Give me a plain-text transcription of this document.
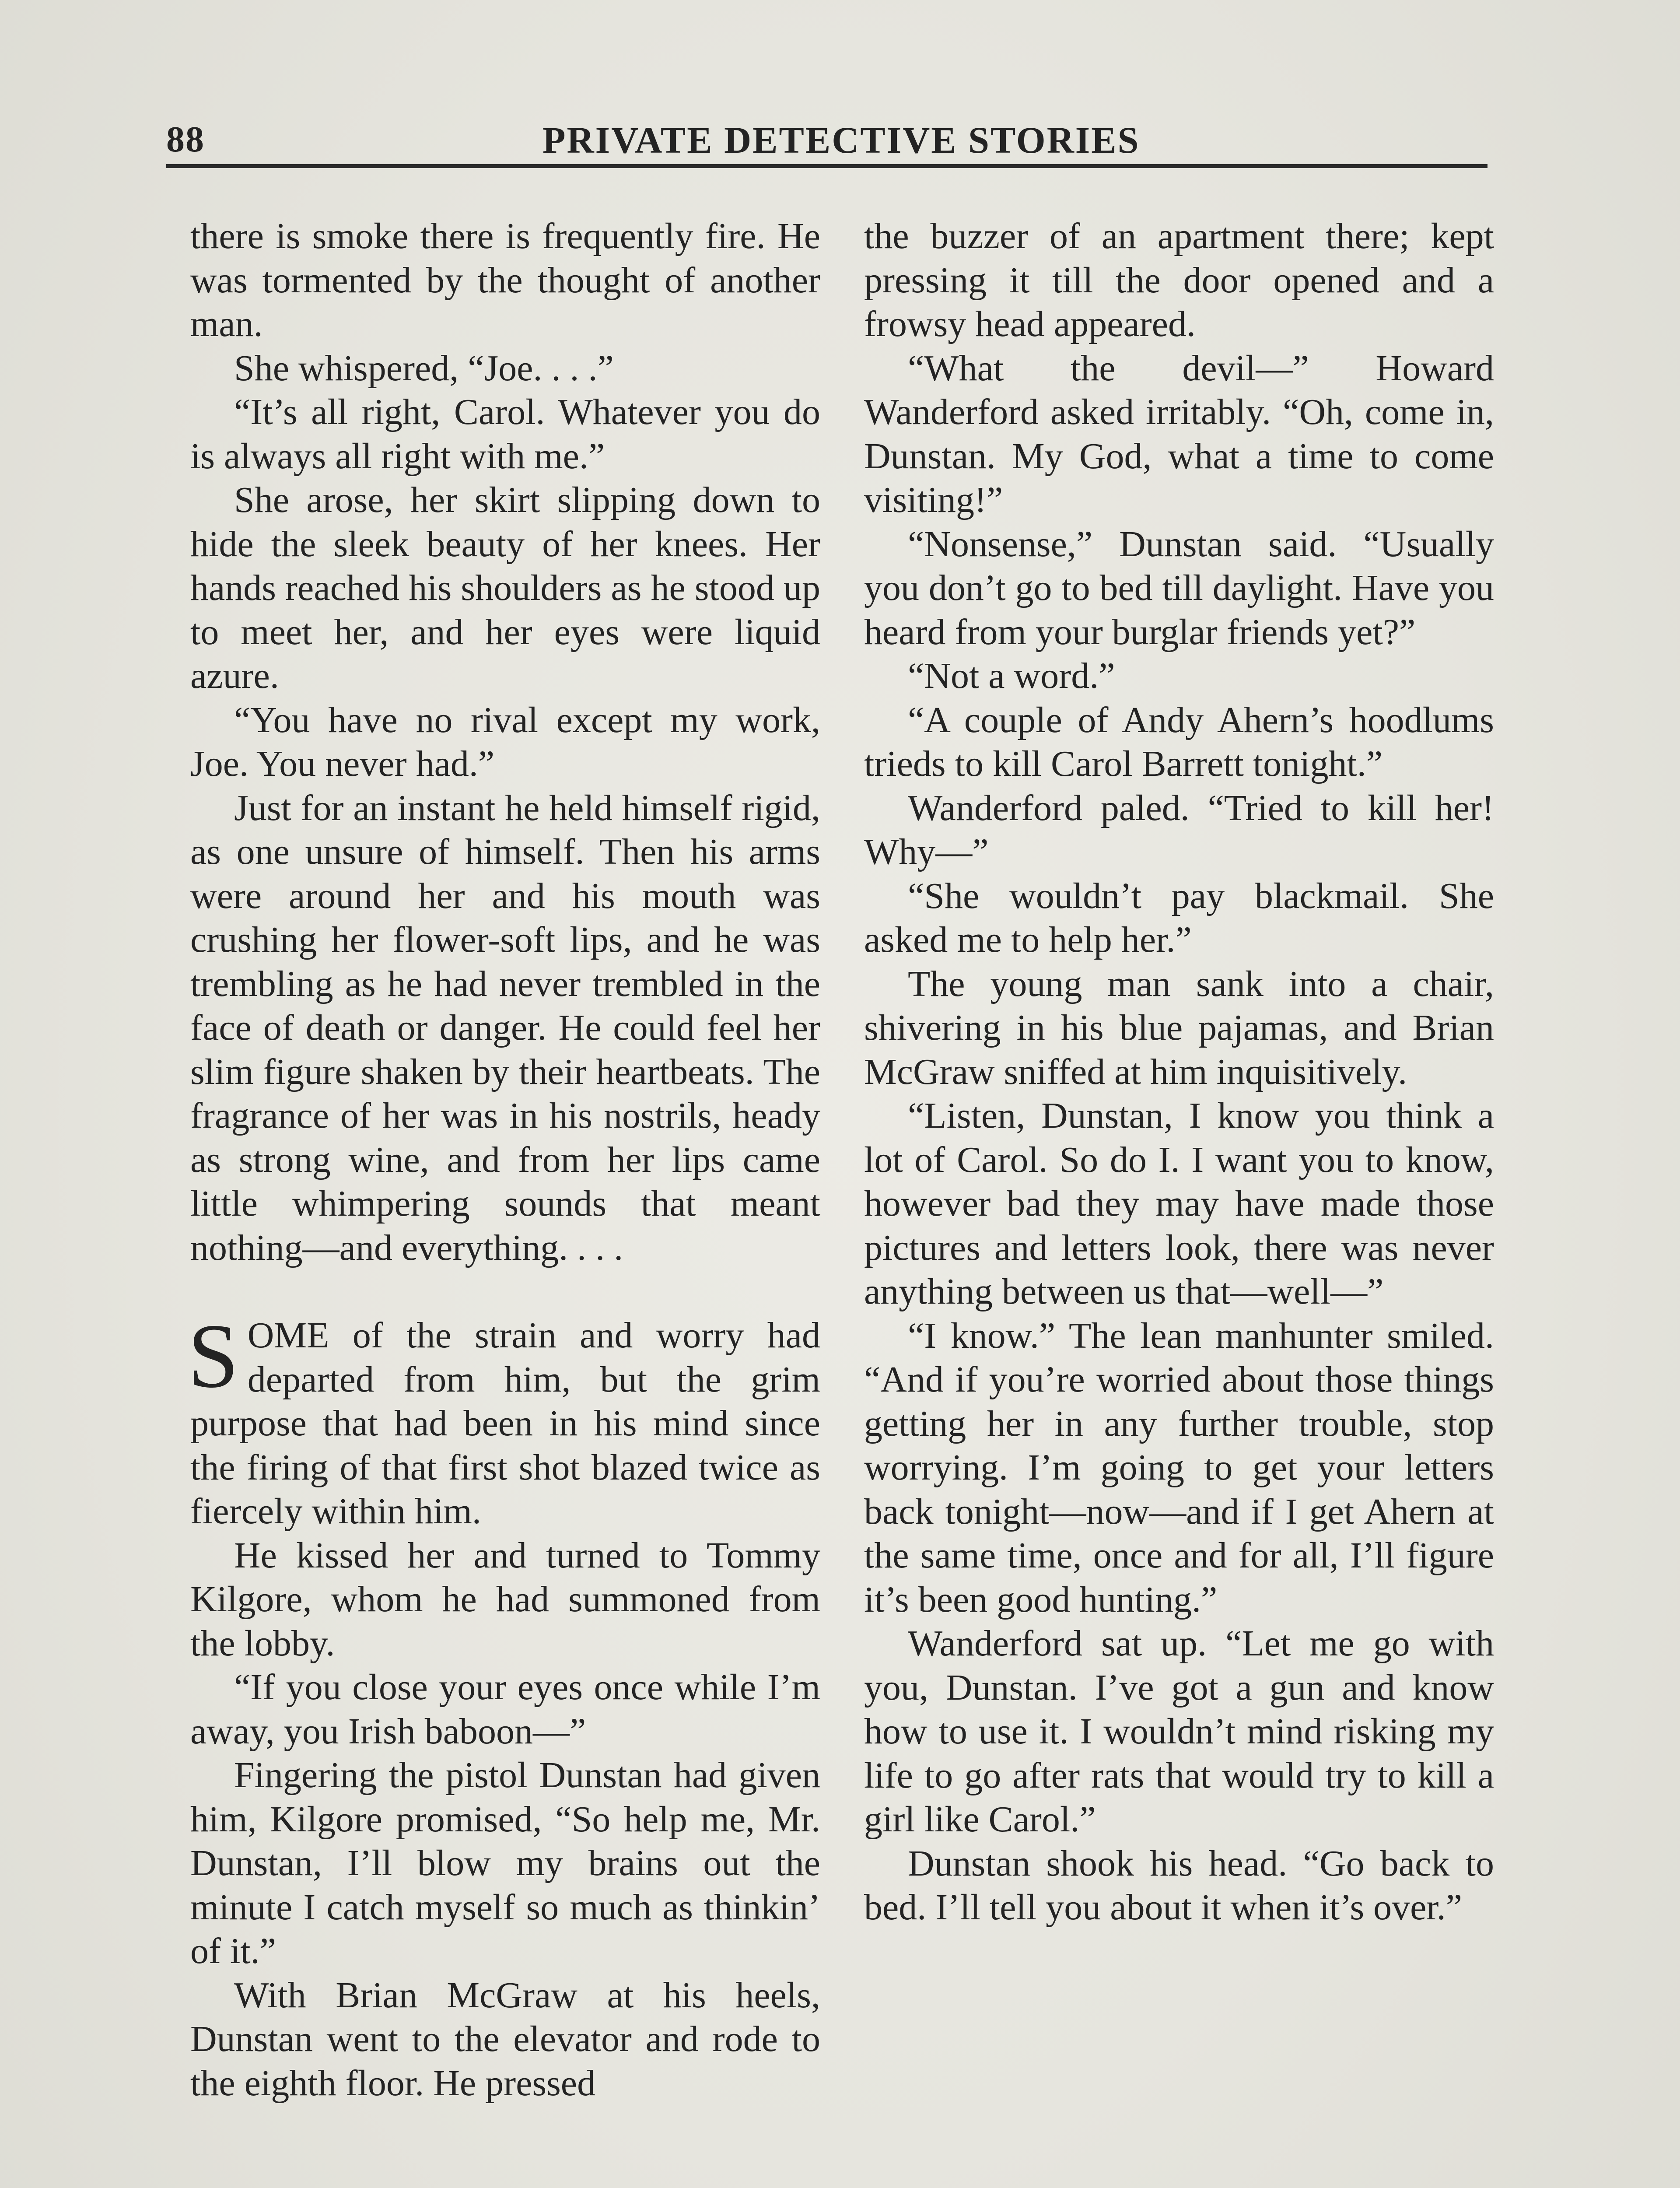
88	PRIVATE DETECTIVE STORIES

there is smoke there is frequently fire. He was tormented by the thought of another man.

She whispered, “Joe. . . .”

“It’s all right, Carol. Whatever you do is always all right with me.”

She arose, her skirt slipping down to hide the sleek beauty of her knees. Her hands reached his shoulders as he stood up to meet her, and her eyes were liquid azure.

“You have no rival except my work, Joe. You never had.”

Just for an instant he held himself rigid, as one unsure of himself. Then his arms were around her and his mouth was crushing her flower-soft lips, and he was trembling as he had never trembled in the face of death or danger. He could feel her slim figure shaken by their heartbeats. The fragrance of her was in his nostrils, heady as strong wine, and from her lips came little whimpering sounds that meant nothing—and everything. . . .

SOME of the strain and worry had departed from him, but the grim purpose that had been in his mind since the firing of that first shot blazed twice as fiercely within him.

He kissed her and turned to Tommy Kilgore, whom he had summoned from the lobby.

“If you close your eyes once while I’m away, you Irish baboon—”

Fingering the pistol Dunstan had given him, Kilgore promised, “So help me, Mr. Dunstan, I’ll blow my brains out the minute I catch myself so much as thinkin’ of it.”

With Brian McGraw at his heels, Dunstan went to the elevator and rode to the eighth floor. He pressed

the buzzer of an apartment there; kept pressing it till the door opened and a frowsy head appeared.

“What the devil—” Howard Wanderford asked irritably. “Oh, come in, Dunstan. My God, what a time to come visiting!”

“Nonsense,” Dunstan said. “Usually you don’t go to bed till daylight. Have you heard from your burglar friends yet?”

“Not a word.”

“A couple of Andy Ahern’s hoodlums trieds to kill Carol Barrett tonight.”

Wanderford paled. “Tried to kill her! Why—”

“She wouldn’t pay blackmail. She asked me to help her.”

The young man sank into a chair, shivering in his blue pajamas, and Brian McGraw sniffed at him inquisitively.

“Listen, Dunstan, I know you think a lot of Carol. So do I. I want you to know, however bad they may have made those pictures and letters look, there was never anything between us that—well—”

“I know.” The lean manhunter smiled. “And if you’re worried about those things getting her in any further trouble, stop worrying. I’m going to get your letters back tonight—now—and if I get Ahern at the same time, once and for all, I’ll figure it’s been good hunting.”

Wanderford sat up. “Let me go with you, Dunstan. I’ve got a gun and know how to use it. I wouldn’t mind risking my life to go after rats that would try to kill a girl like Carol.”

Dunstan shook his head. “Go back to bed. I’ll tell you about it when it’s over.”
